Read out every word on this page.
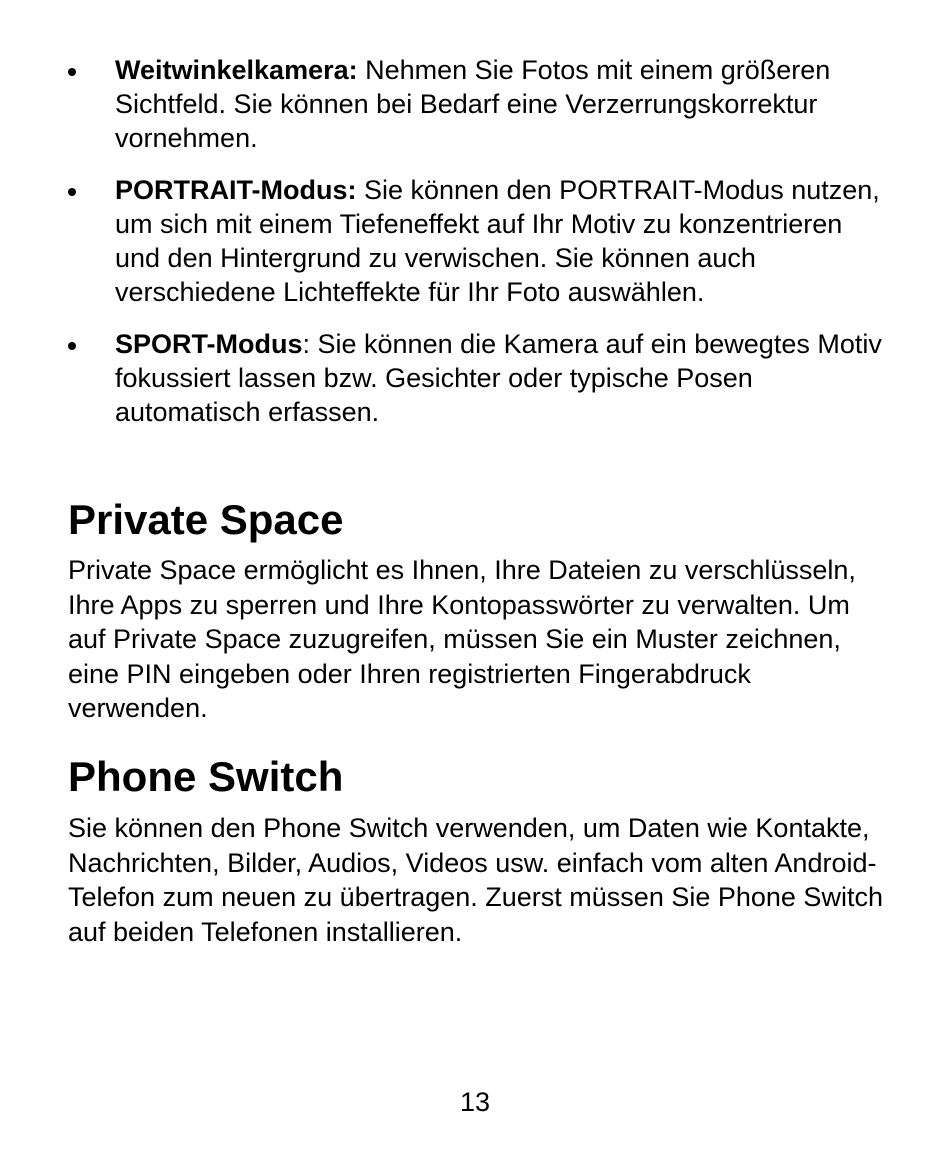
Weitwinkelkamera: Nehmen Sie Fotos mit einem größeren Sichtfeld. Sie können bei Bedarf eine Verzerrungskorrektur vornehmen.
PORTRAIT-Modus: Sie können den PORTRAIT-Modus nutzen, um sich mit einem Tiefeneffekt auf Ihr Motiv zu konzentrieren und den Hintergrund zu verwischen. Sie können auch verschiedene Lichteffekte für Ihr Foto auswählen.
SPORT-Modus: Sie können die Kamera auf ein bewegtes Motiv fokussiert lassen bzw. Gesichter oder typische Posen automatisch erfassen.
Private Space

Private Space ermöglicht es Ihnen, Ihre Dateien zu verschlüsseln, Ihre Apps zu sperren und Ihre Kontopasswörter zu verwalten. Um auf Private Space zuzugreifen, müssen Sie ein Muster zeichnen, eine PIN eingeben oder Ihren registrierten Fingerabdruck verwenden.

Phone Switch

Sie können den Phone Switch verwenden, um Daten wie Kontakte, Nachrichten, Bilder, Audios, Videos usw. einfach vom alten Android-Telefon zum neuen zu übertragen. Zuerst müssen Sie Phone Switch auf beiden Telefonen installieren.

13
